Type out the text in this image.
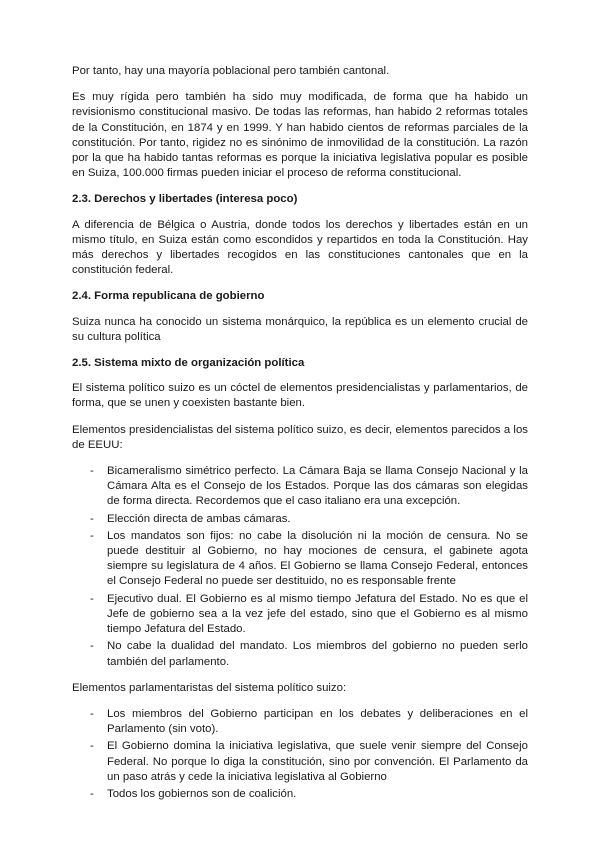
Por tanto, hay una mayoría poblacional pero también cantonal.

Es muy rígida pero también ha sido muy modificada, de forma que ha habido un revisionismo constitucional masivo. De todas las reformas, han habido 2 reformas totales de la Constitución, en 1874 y en 1999. Y han habido cientos de reformas parciales de la constitución. Por tanto, rigidez no es sinónimo de inmovilidad de la constitución. La razón por la que ha habido tantas reformas es porque la iniciativa legislativa popular es posible en Suiza, 100.000 firmas pueden iniciar el proceso de reforma constitucional.

2.3. Derechos y libertades (interesa poco)

A diferencia de Bélgica o Austria, donde todos los derechos y libertades están en un mismo título, en Suiza están como escondidos y repartidos en toda la Constitución. Hay más derechos y libertades recogidos en las constituciones cantonales que en la constitución federal.

2.4. Forma republicana de gobierno

Suiza nunca ha conocido un sistema monárquico, la república es un elemento crucial de su cultura política

2.5. Sistema mixto de organización política

El sistema político suizo es un cóctel de elementos presidencialistas y parlamentarios, de forma, que se unen y coexisten bastante bien.

Elementos presidencialistas del sistema político suizo, es decir, elementos parecidos a los de EEUU:

- Bicameralismo simétrico perfecto. La Cámara Baja se llama Consejo Nacional y la Cámara Alta es el Consejo de los Estados. Porque las dos cámaras son elegidas de forma directa. Recordemos que el caso italiano era una excepción.
- Elección directa de ambas cámaras.
- Los mandatos son fijos: no cabe la disolución ni la moción de censura. No se puede destituir al Gobierno, no hay mociones de censura, el gabinete agota siempre su legislatura de 4 años. El Gobierno se llama Consejo Federal, entonces el Consejo Federal no puede ser destituido, no es responsable frente
- Ejecutivo dual. El Gobierno es al mismo tiempo Jefatura del Estado. No es que el Jefe de gobierno sea a la vez jefe del estado, sino que el Gobierno es al mismo tiempo Jefatura del Estado.
- No cabe la dualidad del mandato. Los miembros del gobierno no pueden serlo también del parlamento.

Elementos parlamentaristas del sistema político suizo:

- Los miembros del Gobierno participan en los debates y deliberaciones en el Parlamento (sin voto).
- El Gobierno domina la iniciativa legislativa, que suele venir siempre del Consejo Federal. No porque lo diga la constitución, sino por convención. El Parlamento da un paso atrás y cede la iniciativa legislativa al Gobierno
- Todos los gobiernos son de coalición.
